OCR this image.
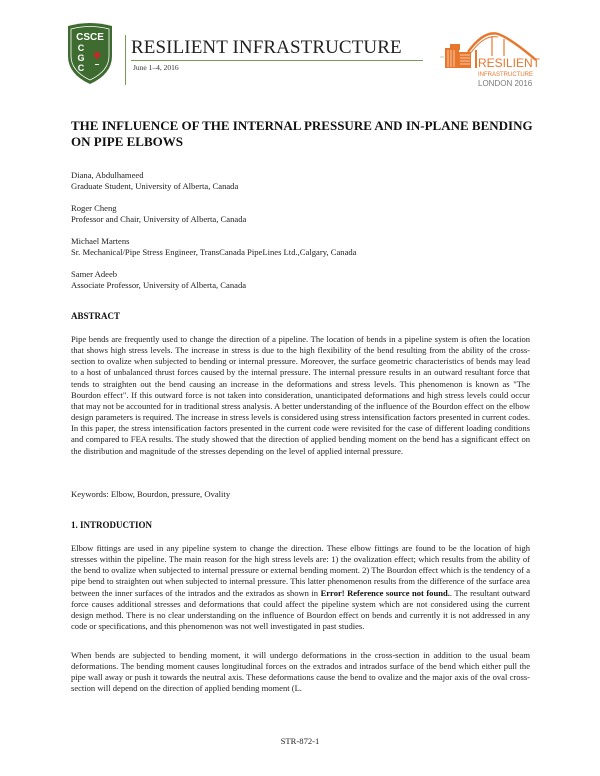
CSCE
C
G
C
RESILIENT INFRASTRUCTURE
June 1–4, 2016	RESILIENT
INFRASTRUCTURE
LONDON 2016
THE INFLUENCE OF THE INTERNAL PRESSURE AND IN-PLANE BENDING ON PIPE ELBOWS
Diana, Abdulhameed
Graduate Student, University of Alberta, Canada
Roger Cheng
Professor and Chair, University of Alberta, Canada
Michael Martens
Sr. Mechanical/Pipe Stress Engineer, TransCanada PipeLines Ltd.,Calgary, Canada
Samer Adeeb
Associate Professor, University of Alberta, Canada
ABSTRACT
Pipe bends are frequently used to change the direction of a pipeline. The location of bends in a pipeline system is often the location that shows high stress levels. The increase in stress is due to the high flexibility of the bend resulting from the ability of the cross-section to ovalize when subjected to bending or internal pressure. Moreover, the surface geometric characteristics of bends may lead to a host of unbalanced thrust forces caused by the internal pressure. The internal pressure results in an outward resultant force that tends to straighten out the bend causing an increase in the deformations and stress levels. This phenomenon is known as "The Bourdon effect". If this outward force is not taken into consideration, unanticipated deformations and high stress levels could occur that may not be accounted for in traditional stress analysis. A better understanding of the influence of the Bourdon effect on the elbow design parameters is required. The increase in stress levels is considered using stress intensification factors presented in current codes. In this paper, the stress intensification factors presented in the current code were revisited for the case of different loading conditions and compared to FEA results. The study showed that the direction of applied bending moment on the bend has a significant effect on the distribution and magnitude of the stresses depending on the level of applied internal pressure.
Keywords: Elbow, Bourdon, pressure, Ovality
1. INTRODUCTION
Elbow fittings are used in any pipeline system to change the direction. These elbow fittings are found to be the location of high stresses within the pipeline. The main reason for the high stress levels are: 1) the ovalization effect; which results from the ability of the bend to ovalize when subjected to internal pressure or external bending moment. 2) The Bourdon effect which is the tendency of a pipe bend to straighten out when subjected to internal pressure. This latter phenomenon results from the difference of the surface area between the inner surfaces of the intrados and the extrados as shown in Error! Reference source not found.. The resultant outward force causes additional stresses and deformations that could affect the pipeline system which are not considered using the current design method. There is no clear understanding on the influence of Bourdon effect on bends and currently it is not addressed in any code or specifications, and this phenomenon was not well investigated in past studies.
When bends are subjected to bending moment, it will undergo deformations in the cross-section in addition to the usual beam deformations. The bending moment causes longitudinal forces on the extrados and intrados surface of the bend which either pull the pipe wall away or push it towards the neutral axis. These deformations cause the bend to ovalize and the major axis of the oval cross-section will depend on the direction of applied bending moment (L.
STR-872-1
